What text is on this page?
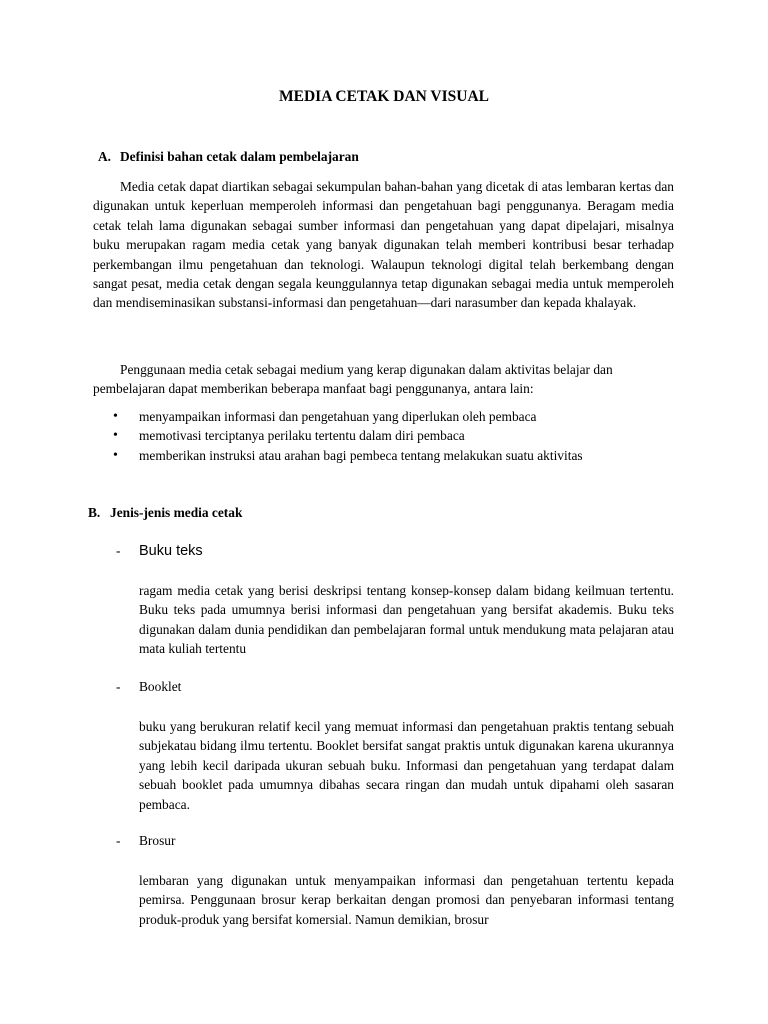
MEDIA CETAK DAN VISUAL
A. Definisi bahan cetak dalam pembelajaran

Media cetak dapat diartikan sebagai sekumpulan bahan-bahan yang dicetak di atas lembaran kertas dan digunakan untuk keperluan memperoleh informasi dan pengetahuan bagi penggunanya. Beragam media cetak telah lama digunakan sebagai sumber informasi dan pengetahuan yang dapat dipelajari, misalnya buku merupakan ragam media cetak yang banyak digunakan telah memberi kontribusi besar terhadap perkembangan ilmu pengetahuan dan teknologi. Walaupun teknologi digital telah berkembang dengan sangat pesat, media cetak dengan segala keunggulannya tetap digunakan sebagai media untuk memperoleh dan mendiseminasikan substansi-informasi dan pengetahuan—dari narasumber dan kepada khalayak.

Penggunaan media cetak sebagai medium yang kerap digunakan dalam aktivitas belajar dan pembelajaran dapat memberikan beberapa manfaat bagi penggunanya, antara lain:

• menyampaikan informasi dan pengetahuan yang diperlukan oleh pembaca
• memotivasi terciptanya perilaku tertentu dalam diri pembaca
• memberikan instruksi atau arahan bagi pembeca tentang melakukan suatu aktivitas
B. Jenis-jenis media cetak
- Buku teks

ragam media cetak yang berisi deskripsi tentang konsep-konsep dalam bidang keilmuan tertentu. Buku teks pada umumnya berisi informasi dan pengetahuan yang bersifat akademis. Buku teks digunakan dalam dunia pendidikan dan pembelajaran formal untuk mendukung mata pelajaran atau mata kuliah tertentu

- Booklet

buku yang berukuran relatif kecil yang memuat informasi dan pengetahuan praktis tentang sebuah subjekatau bidang ilmu tertentu. Booklet bersifat sangat praktis untuk digunakan karena ukurannya yang lebih kecil daripada ukuran sebuah buku. Informasi dan pengetahuan yang terdapat dalam sebuah booklet pada umumnya dibahas secara ringan dan mudah untuk dipahami oleh sasaran pembaca.

- Brosur

lembaran yang digunakan untuk menyampaikan informasi dan pengetahuan tertentu kepada pemirsa. Penggunaan brosur kerap berkaitan dengan promosi dan penyebaran informasi tentang produk-produk yang bersifat komersial. Namun demikian, brosur
